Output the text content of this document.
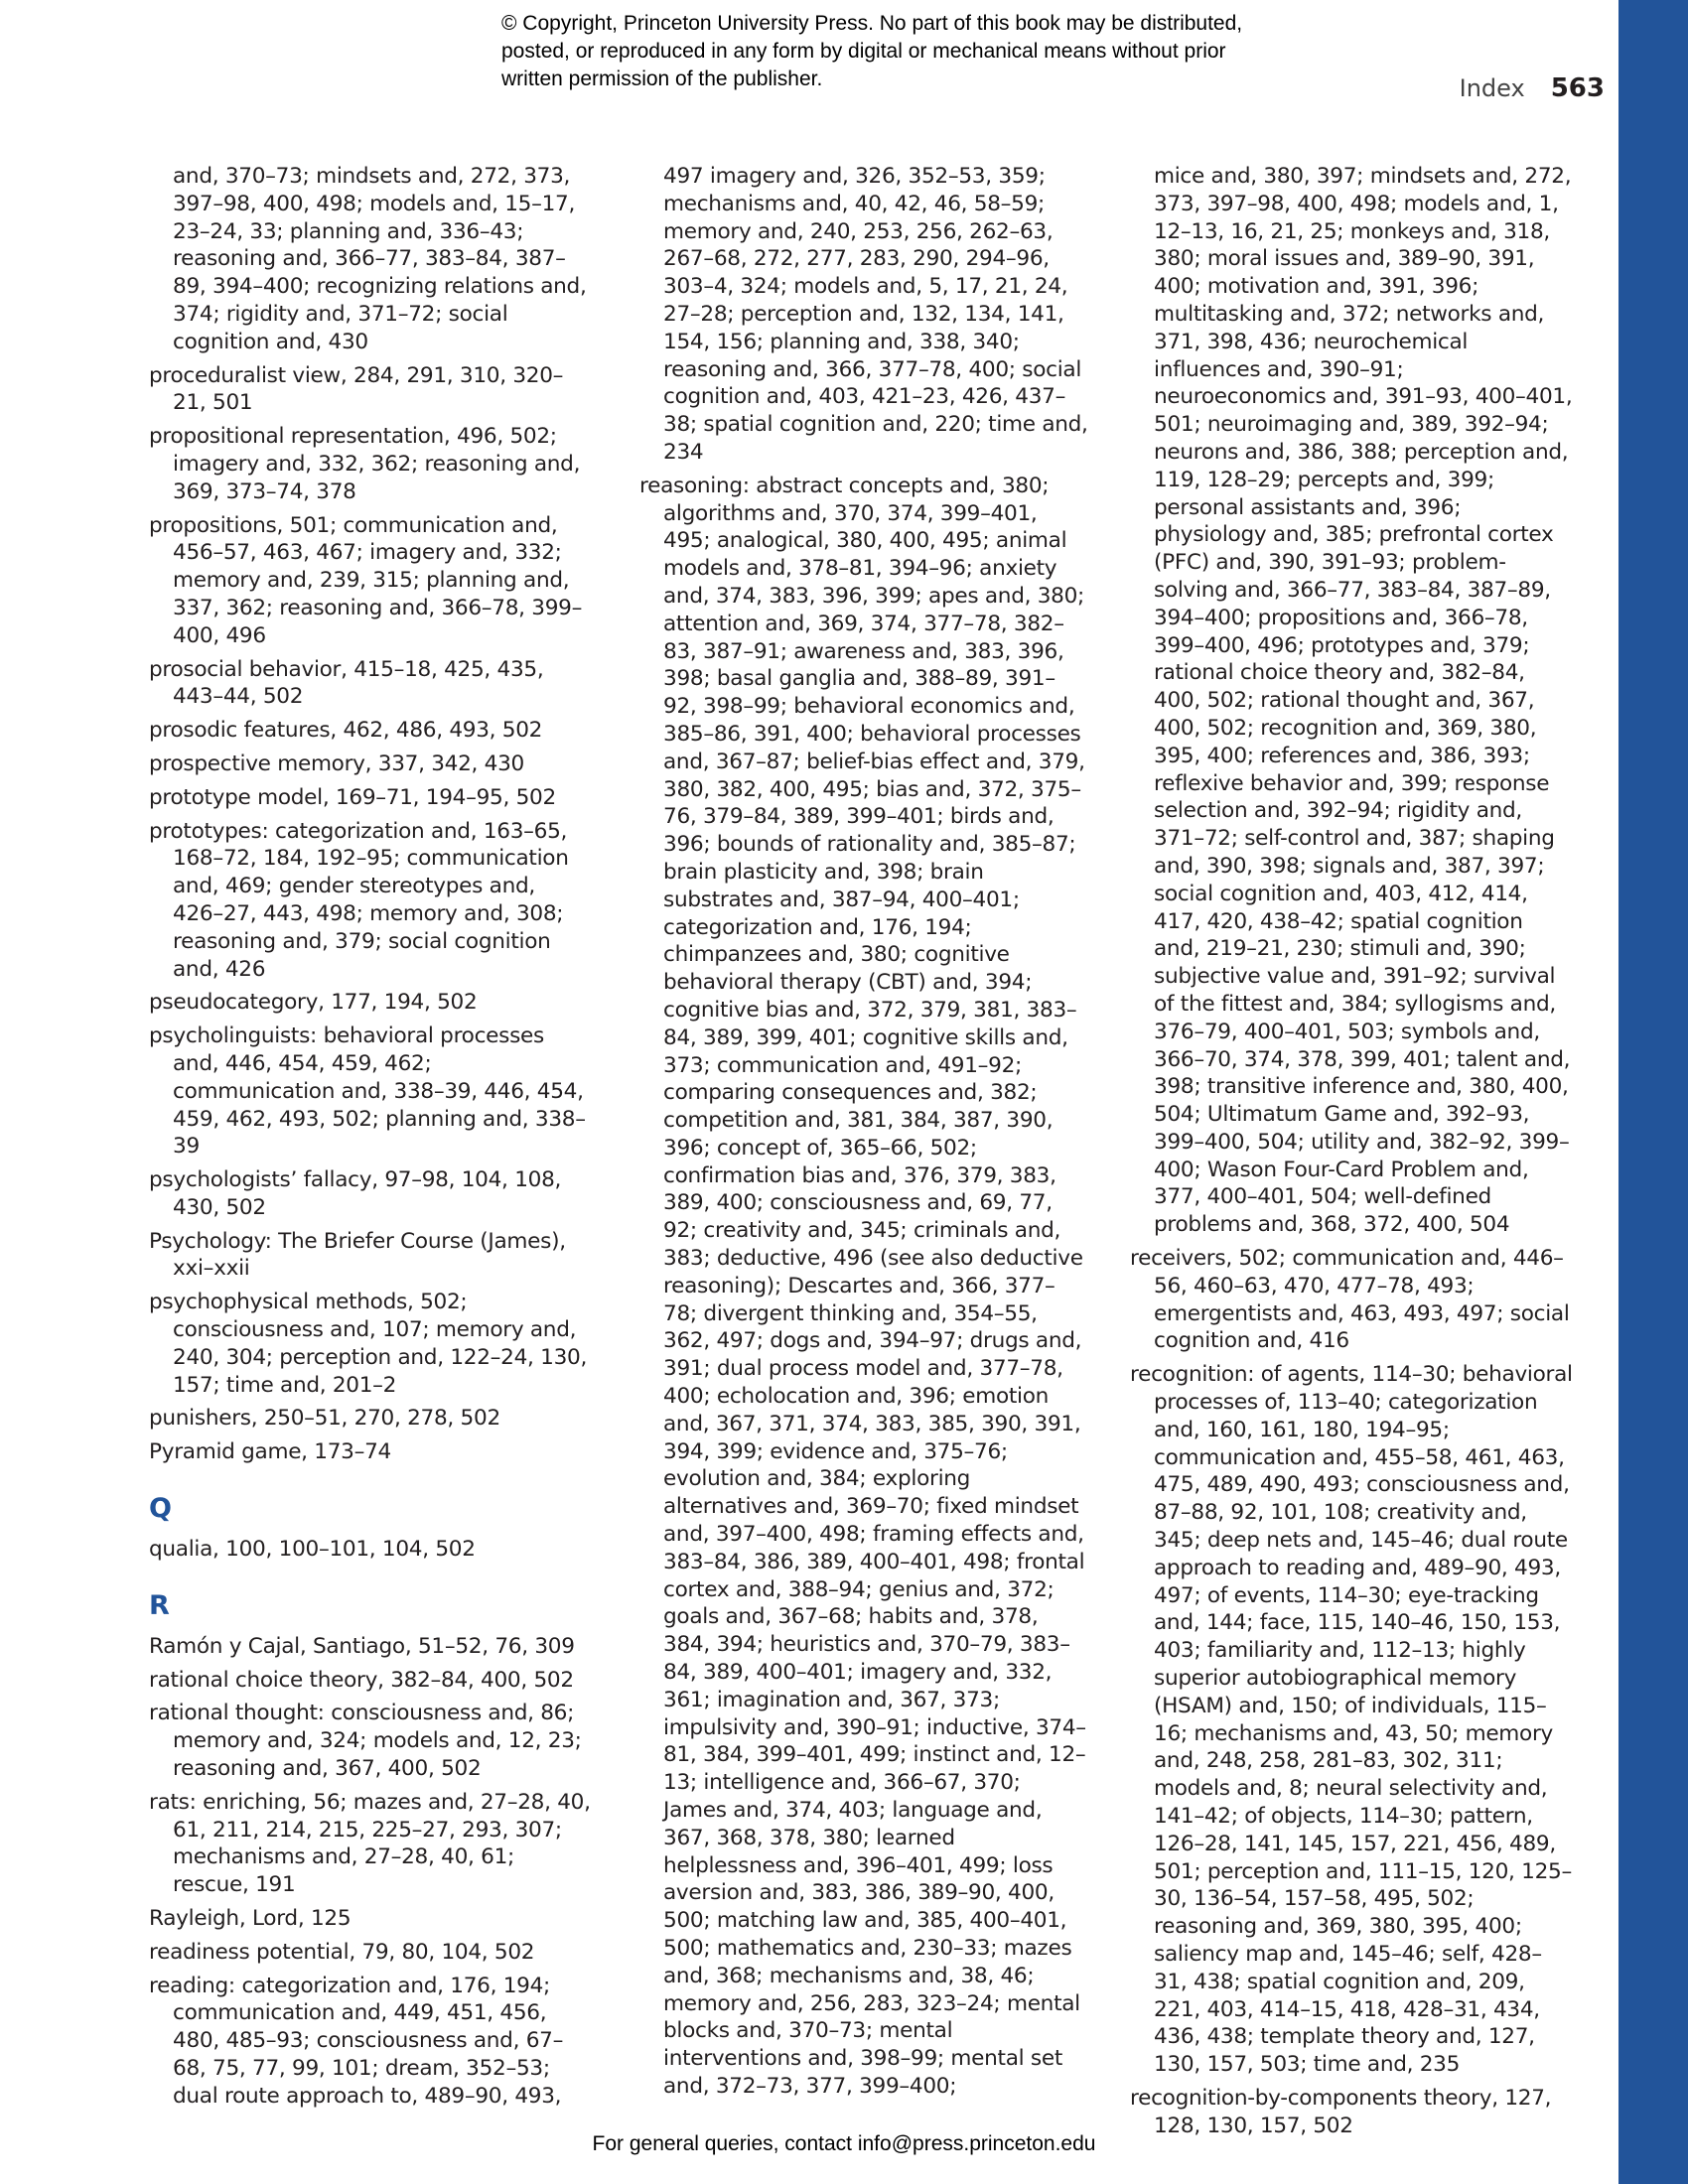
© Copyright, Princeton University Press. No part of this book may be distributed, posted, or reproduced in any form by digital or mechanical means without prior written permission of the publisher.	Index 563
and, 370–73; mindsets and, 272, 373, 397–98, 400, 498; models and, 15–17, 23–24, 33; planning and, 336–43; reasoning and, 366–77, 383–84, 387–89, 394–400; recognizing relations and, 374; rigidity and, 371–72; social cognition and, 430
proceduralist view, 284, 291, 310, 320–21, 501
propositional representation, 496, 502; imagery and, 332, 362; reasoning and, 369, 373–74, 378
propositions, 501; communication and, 456–57, 463, 467; imagery and, 332; memory and, 239, 315; planning and, 337, 362; reasoning and, 366–78, 399–400, 496
prosocial behavior, 415–18, 425, 435, 443–44, 502
prosodic features, 462, 486, 493, 502
prospective memory, 337, 342, 430
prototype model, 169–71, 194–95, 502
prototypes: categorization and, 163–65, 168–72, 184, 192–95; communication and, 469; gender stereotypes and, 426–27, 443, 498; memory and, 308; reasoning and, 379; social cognition and, 426
pseudocategory, 177, 194, 502
psycholinguists: behavioral processes and, 446, 454, 459, 462; communication and, 338–39, 446, 454, 459, 462, 493, 502; planning and, 338–39
psychologists’ fallacy, 97–98, 104, 108, 430, 502
Psychology: The Briefer Course (James), xxi–xxii
psychophysical methods, 502; consciousness and, 107; memory and, 240, 304; perception and, 122–24, 130, 157; time and, 201–2
punishers, 250–51, 270, 278, 502
Pyramid game, 173–74
Q
qualia, 100, 100–101, 104, 502
R
Ramón y Cajal, Santiago, 51–52, 76, 309
rational choice theory, 382–84, 400, 502
rational thought: consciousness and, 86; memory and, 324; models and, 12, 23; reasoning and, 367, 400, 502
rats: enriching, 56; mazes and, 27–28, 40, 61, 211, 214, 215, 225–27, 293, 307; mechanisms and, 27–28, 40, 61; rescue, 191
Rayleigh, Lord, 125
readiness potential, 79, 80, 104, 502
reading: categorization and, 176, 194; communication and, 449, 451, 456, 480, 485–93; consciousness and, 67–68, 75, 77, 99, 101; dream, 352–53; dual route approach to, 489–90, 493,
497 imagery and, 326, 352–53, 359; mechanisms and, 40, 42, 46, 58–59; memory and, 240, 253, 256, 262–63, 267–68, 272, 277, 283, 290, 294–96, 303–4, 324; models and, 5, 17, 21, 24, 27–28; perception and, 132, 134, 141, 154, 156; planning and, 338, 340; reasoning and, 366, 377–78, 400; social cognition and, 403, 421–23, 426, 437–38; spatial cognition and, 220; time and, 234
reasoning: abstract concepts and, 380; algorithms and, 370, 374, 399–401, 495; analogical, 380, 400, 495; animal models and, 378–81, 394–96; anxiety and, 374, 383, 396, 399; apes and, 380; attention and, 369, 374, 377–78, 382–83, 387–91; awareness and, 383, 396, 398; basal ganglia and, 388–89, 391–92, 398–99; behavioral economics and, 385–86, 391, 400; behavioral processes and, 367–87; belief-bias effect and, 379, 380, 382, 400, 495; bias and, 372, 375–76, 379–84, 389, 399–401; birds and, 396; bounds of rationality and, 385–87; brain plasticity and, 398; brain substrates and, 387–94, 400–401; categorization and, 176, 194; chimpanzees and, 380; cognitive behavioral therapy (CBT) and, 394; cognitive bias and, 372, 379, 381, 383–84, 389, 399, 401; cognitive skills and, 373; communication and, 491–92; comparing consequences and, 382; competition and, 381, 384, 387, 390, 396; concept of, 365–66, 502; confirmation bias and, 376, 379, 383, 389, 400; consciousness and, 69, 77, 92; creativity and, 345; criminals and, 383; deductive, 496 (see also deductive reasoning); Descartes and, 366, 377–78; divergent thinking and, 354–55, 362, 497; dogs and, 394–97; drugs and, 391; dual process model and, 377–78, 400; echolocation and, 396; emotion and, 367, 371, 374, 383, 385, 390, 391, 394, 399; evidence and, 375–76; evolution and, 384; exploring alternatives and, 369–70; fixed mindset and, 397–400, 498; framing effects and, 383–84, 386, 389, 400–401, 498; frontal cortex and, 388–94; genius and, 372; goals and, 367–68; habits and, 378, 384, 394; heuristics and, 370–79, 383–84, 389, 400–401; imagery and, 332, 361; imagination and, 367, 373; impulsivity and, 390–91; inductive, 374–81, 384, 399–401, 499; instinct and, 12–13; intelligence and, 366–67, 370; James and, 374, 403; language and, 367, 368, 378, 380; learned helplessness and, 396–401, 499; loss aversion and, 383, 386, 389–90, 400, 500; matching law and, 385, 400–401, 500; mathematics and, 230–33; mazes and, 368; mechanisms and, 38, 46; memory and, 256, 283, 323–24; mental blocks and, 370–73; mental interventions and, 398–99; mental set and, 372–73, 377, 399–400;
mice and, 380, 397; mindsets and, 272, 373, 397–98, 400, 498; models and, 1, 12–13, 16, 21, 25; monkeys and, 318, 380; moral issues and, 389–90, 391, 400; motivation and, 391, 396; multitasking and, 372; networks and, 371, 398, 436; neurochemical influences and, 390–91; neuroeconomics and, 391–93, 400–401, 501; neuroimaging and, 389, 392–94; neurons and, 386, 388; perception and, 119, 128–29; percepts and, 399; personal assistants and, 396; physiology and, 385; prefrontal cortex (PFC) and, 390, 391–93; problem-solving and, 366–77, 383–84, 387–89, 394–400; propositions and, 366–78, 399–400, 496; prototypes and, 379; rational choice theory and, 382–84, 400, 502; rational thought and, 367, 400, 502; recognition and, 369, 380, 395, 400; references and, 386, 393; reflexive behavior and, 399; response selection and, 392–94; rigidity and, 371–72; self-control and, 387; shaping and, 390, 398; signals and, 387, 397; social cognition and, 403, 412, 414, 417, 420, 438–42; spatial cognition and, 219–21, 230; stimuli and, 390; subjective value and, 391–92; survival of the fittest and, 384; syllogisms and, 376–79, 400–401, 503; symbols and, 366–70, 374, 378, 399, 401; talent and, 398; transitive inference and, 380, 400, 504; Ultimatum Game and, 392–93, 399–400, 504; utility and, 382–92, 399–400; Wason Four-Card Problem and, 377, 400–401, 504; well-defined problems and, 368, 372, 400, 504
receivers, 502; communication and, 446–56, 460–63, 470, 477–78, 493; emergentists and, 463, 493, 497; social cognition and, 416
recognition: of agents, 114–30; behavioral processes of, 113–40; categorization and, 160, 161, 180, 194–95; communication and, 455–58, 461, 463, 475, 489, 490, 493; consciousness and, 87–88, 92, 101, 108; creativity and, 345; deep nets and, 145–46; dual route approach to reading and, 489–90, 493, 497; of events, 114–30; eye-tracking and, 144; face, 115, 140–46, 150, 153, 403; familiarity and, 112–13; highly superior autobiographical memory (HSAM) and, 150; of individuals, 115–16; mechanisms and, 43, 50; memory and, 248, 258, 281–83, 302, 311; models and, 8; neural selectivity and, 141–42; of objects, 114–30; pattern, 126–28, 141, 145, 157, 221, 456, 489, 501; perception and, 111–15, 120, 125–30, 136–54, 157–58, 495, 502; reasoning and, 369, 380, 395, 400; saliency map and, 145–46; self, 428–31, 438; spatial cognition and, 209, 221, 403, 414–15, 418, 428–31, 434, 436, 438; template theory and, 127, 130, 157, 503; time and, 235
recognition-by-components theory, 127, 128, 130, 157, 502
For general queries, contact info@press.princeton.edu
